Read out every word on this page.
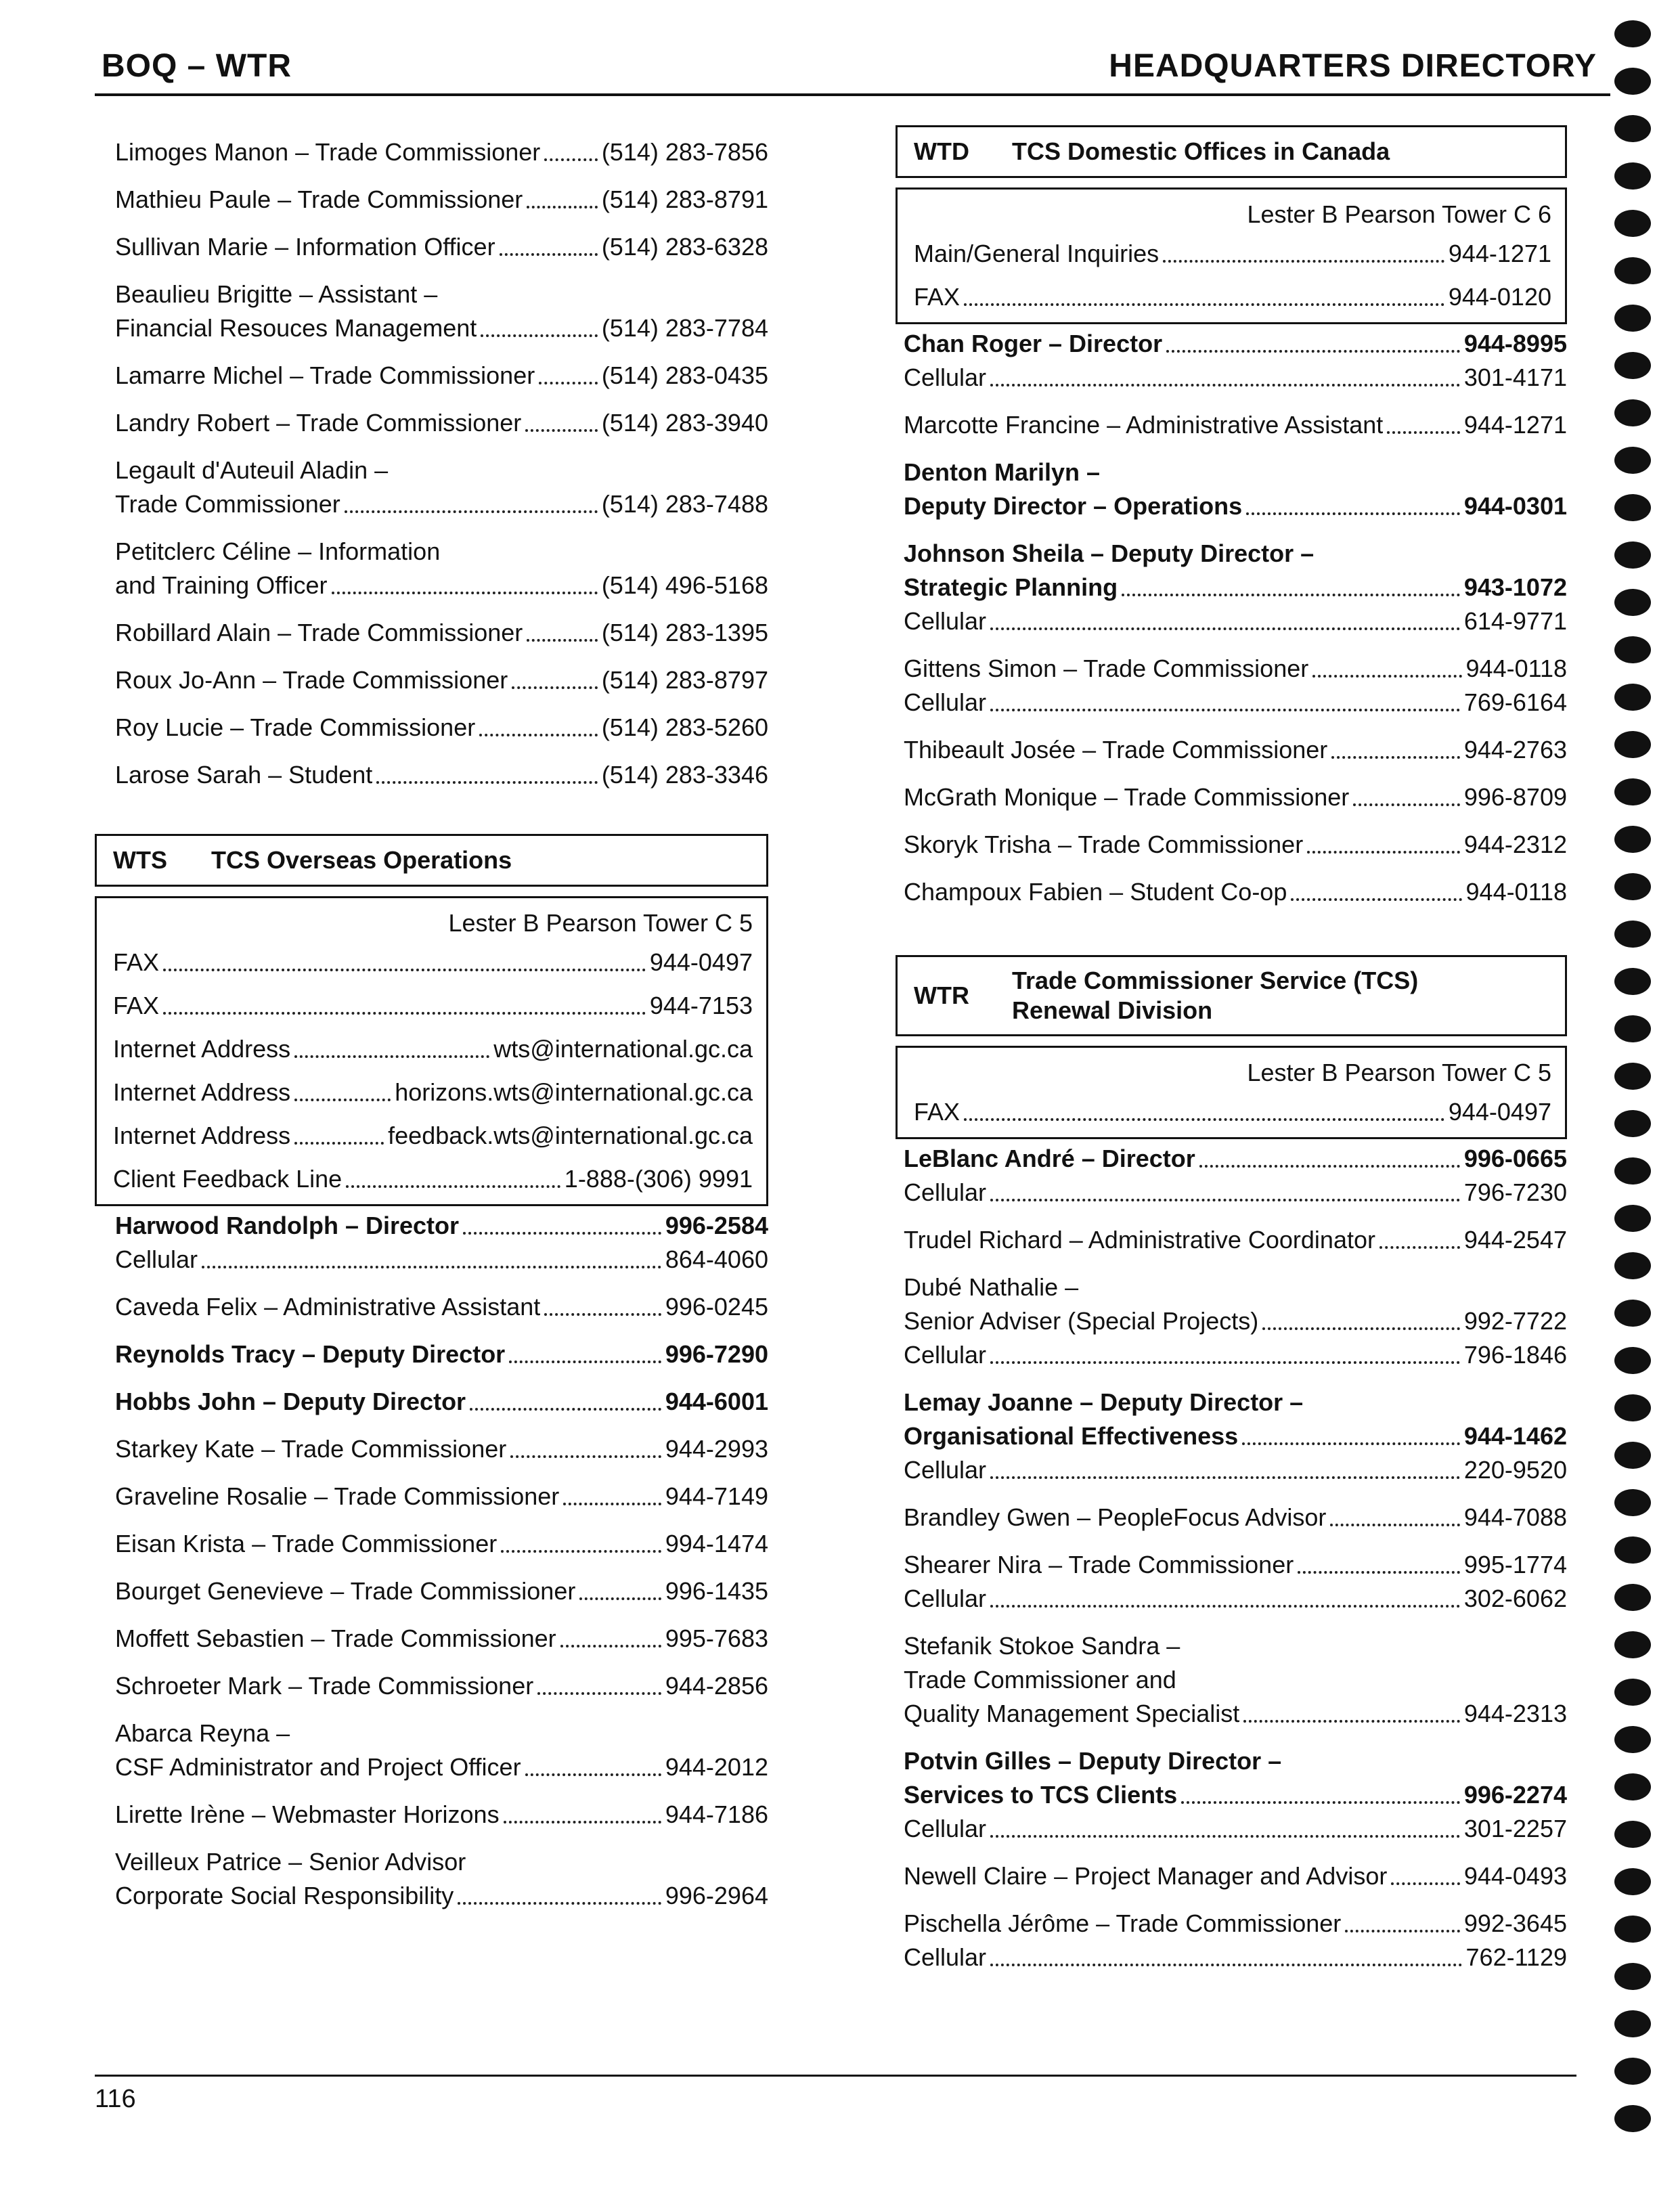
BOQ – WTR	HEADQUARTERS DIRECTORY
Limoges Manon – Trade Commissioner	(514) 283-7856
Mathieu Paule – Trade Commissioner	(514) 283-8791
Sullivan Marie – Information Officer	(514) 283-6328
Beaulieu Brigitte – Assistant –
Financial Resouces Management	(514) 283-7784
Lamarre Michel – Trade Commissioner	(514) 283-0435
Landry Robert – Trade Commissioner	(514) 283-3940
Legault d'Auteuil Aladin –
Trade Commissioner	(514) 283-7488
Petitclerc Céline – Information
and Training Officer	(514) 496-5168
Robillard Alain – Trade Commissioner	(514) 283-1395
Roux Jo-Ann – Trade Commissioner	(514) 283-8797
Roy Lucie – Trade Commissioner	(514) 283-5260
Larose Sarah – Student	(514) 283-3346
WTS	TCS Overseas Operations
Lester B Pearson Tower C 5
FAX	944-0497
FAX	944-7153
Internet Address	wts@international.gc.ca
Internet Address	horizons.wts@international.gc.ca
Internet Address	feedback.wts@international.gc.ca
Client Feedback Line	1-888-(306) 9991
Harwood Randolph – Director	996-2584
Cellular	864-4060
Caveda Felix – Administrative Assistant	996-0245
Reynolds Tracy – Deputy Director	996-7290
Hobbs John – Deputy Director	944-6001
Starkey Kate – Trade Commissioner	944-2993
Graveline Rosalie – Trade Commissioner	944-7149
Eisan Krista – Trade Commissioner	994-1474
Bourget Genevieve – Trade Commissioner	996-1435
Moffett Sebastien – Trade Commissioner	995-7683
Schroeter Mark – Trade Commissioner	944-2856
Abarca Reyna –
CSF Administrator and Project Officer	944-2012
Lirette Irène – Webmaster Horizons	944-7186
Veilleux Patrice – Senior Advisor
Corporate Social Responsibility	996-2964
WTD	TCS Domestic Offices in Canada
Lester B Pearson Tower C 6
Main/General Inquiries	944-1271
FAX	944-0120
Chan Roger – Director	944-8995
Cellular	301-4171
Marcotte Francine – Administrative Assistant	944-1271
Denton Marilyn –
Deputy Director – Operations	944-0301
Johnson Sheila – Deputy Director –
Strategic Planning	943-1072
Cellular	614-9771
Gittens Simon – Trade Commissioner	944-0118
Cellular	769-6164
Thibeault Josée – Trade Commissioner	944-2763
McGrath Monique – Trade Commissioner	996-8709
Skoryk Trisha – Trade Commissioner	944-2312
Champoux Fabien – Student Co-op	944-0118
WTR
Trade Commissioner Service (TCS)
Renewal Division
Lester B Pearson Tower C 5
FAX	944-0497
LeBlanc André – Director	996-0665
Cellular	796-7230
Trudel Richard – Administrative Coordinator	944-2547
Dubé Nathalie –
Senior Adviser (Special Projects)	992-7722
Cellular	796-1846
Lemay Joanne – Deputy Director –
Organisational Effectiveness	944-1462
Cellular	220-9520
Brandley Gwen – PeopleFocus Advisor	944-7088
Shearer Nira – Trade Commissioner	995-1774
Cellular	302-6062
Stefanik Stokoe Sandra –
Trade Commissioner and
Quality Management Specialist	944-2313
Potvin Gilles – Deputy Director –
Services to TCS Clients	996-2274
Cellular	301-2257
Newell Claire – Project Manager and Advisor	944-0493
Pischella Jérôme – Trade Commissioner	992-3645
Cellular	762-1129
116
